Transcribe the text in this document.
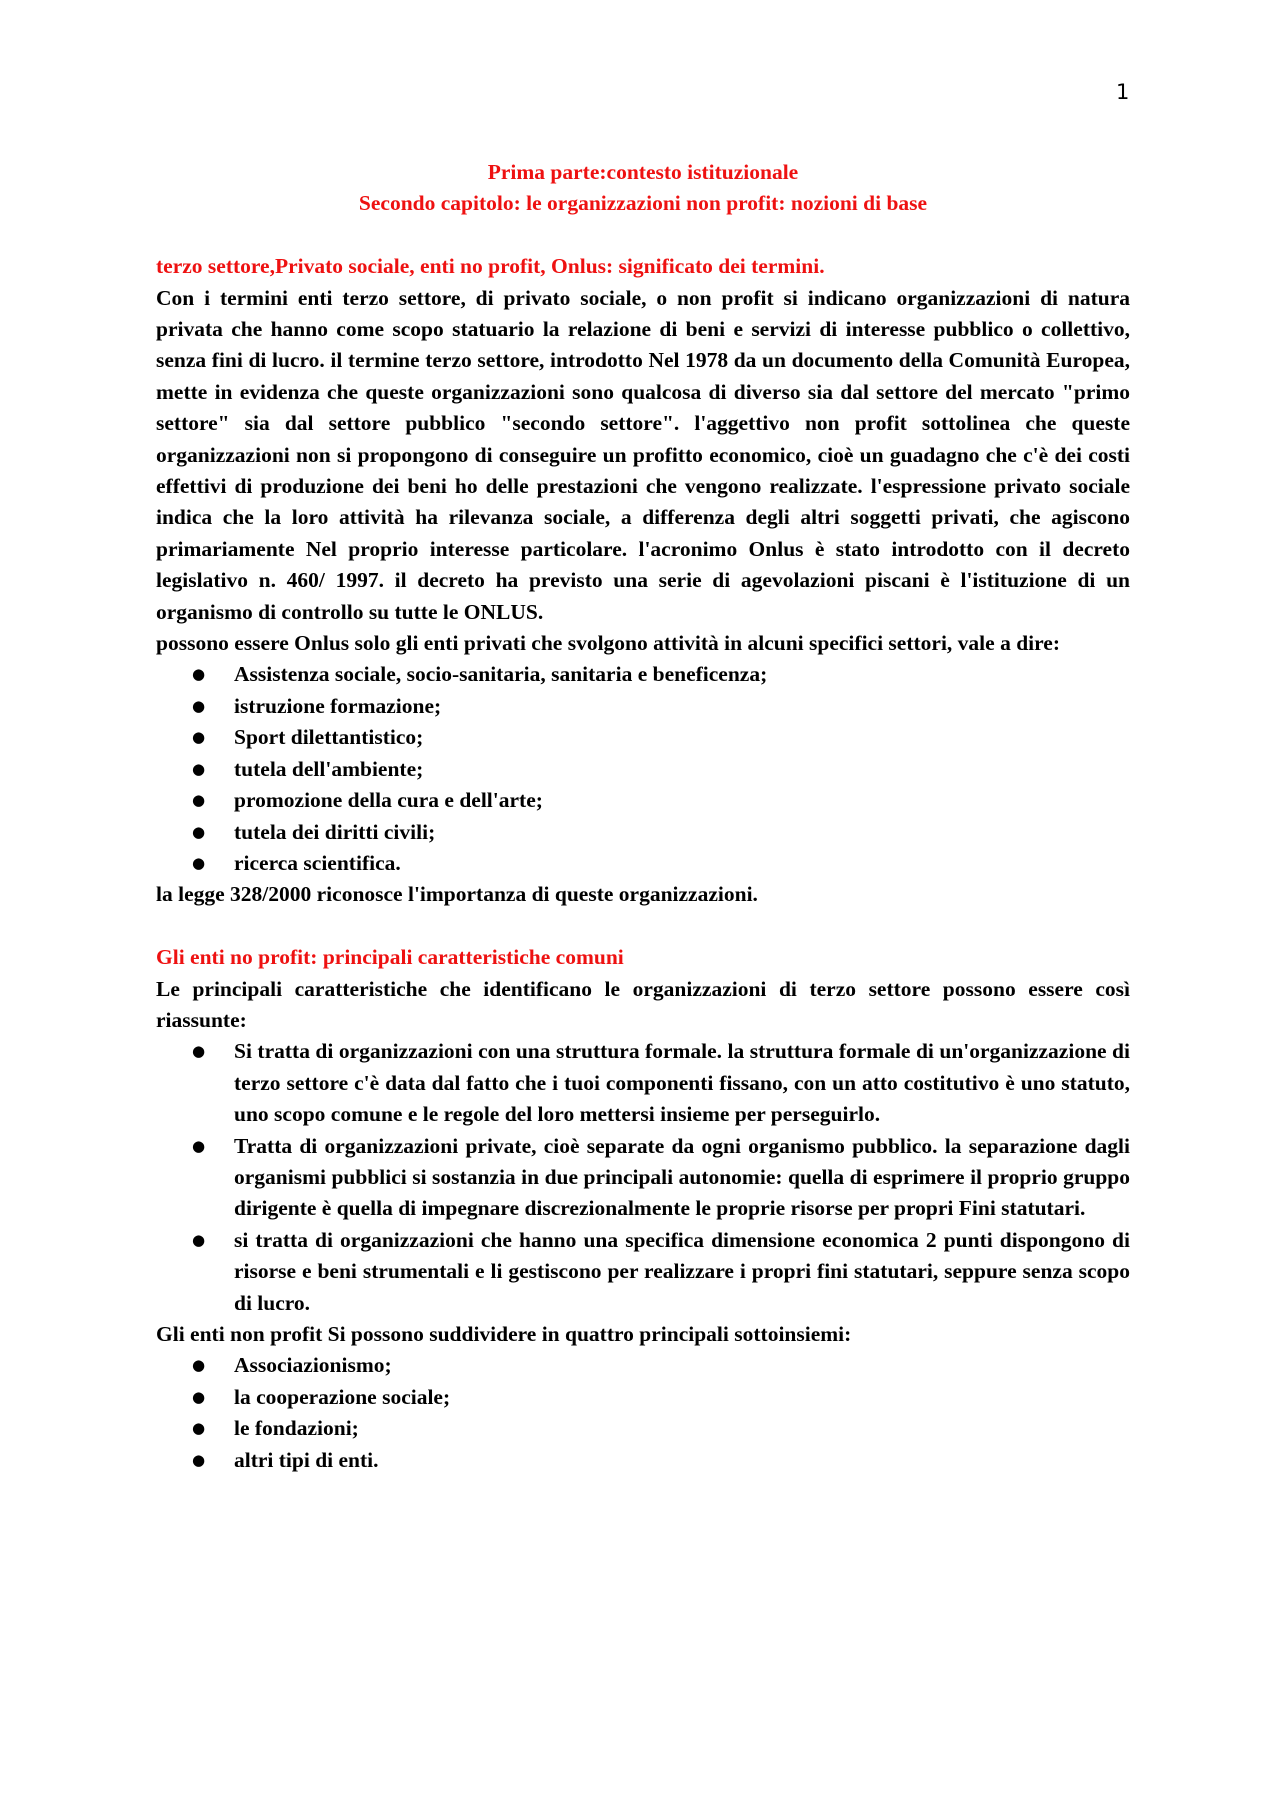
1
Prima parte:contesto istituzionale
Secondo capitolo: le organizzazioni non profit: nozioni di base
terzo settore,Privato sociale, enti no profit, Onlus: significato dei termini.

Con i termini enti terzo settore, di privato sociale, o non profit si indicano organizzazioni di natura privata che hanno come scopo statuario la relazione di beni e servizi di interesse pubblico o collettivo, senza fini di lucro. il termine terzo settore, introdotto Nel 1978 da un documento della Comunità Europea, mette in evidenza che queste organizzazioni sono qualcosa di diverso sia dal settore del mercato "primo settore" sia dal settore pubblico "secondo settore". l'aggettivo non profit sottolinea che queste organizzazioni non si propongono di conseguire un profitto economico, cioè un guadagno che c'è dei costi effettivi di produzione dei beni ho delle prestazioni che vengono realizzate. l'espressione privato sociale indica che la loro attività ha rilevanza sociale, a differenza degli altri soggetti privati, che agiscono primariamente Nel proprio interesse particolare. l'acronimo Onlus è stato introdotto con il decreto legislativo n. 460/ 1997. il decreto ha previsto una serie di agevolazioni piscani è l'istituzione di un organismo di controllo su tutte le ONLUS.

possono essere Onlus solo gli enti privati che svolgono attività in alcuni specifici settori, vale a dire:

● Assistenza sociale, socio-sanitaria, sanitaria e beneficenza;
● istruzione formazione;
● Sport dilettantistico;
● tutela dell'ambiente;
● promozione della cura e dell'arte;
● tutela dei diritti civili;
● ricerca scientifica.

la legge 328/2000 riconosce l'importanza di queste organizzazioni.

Gli enti no profit: principali caratteristiche comuni

Le principali caratteristiche che identificano le organizzazioni di terzo settore possono essere così riassunte:

● Si tratta di organizzazioni con una struttura formale. la struttura formale di un'organizzazione di terzo settore c'è data dal fatto che i tuoi componenti fissano, con un atto costitutivo è uno statuto, uno scopo comune e le regole del loro mettersi insieme per perseguirlo.
● Tratta di organizzazioni private, cioè separate da ogni organismo pubblico. la separazione dagli organismi pubblici si sostanzia in due principali autonomie: quella di esprimere il proprio gruppo dirigente è quella di impegnare discrezionalmente le proprie risorse per propri Fini statutari.
● si tratta di organizzazioni che hanno una specifica dimensione economica 2 punti dispongono di risorse e beni strumentali e li gestiscono per realizzare i propri fini statutari, seppure senza scopo di lucro.

Gli enti non profit Si possono suddividere in quattro principali sottoinsiemi:

● Associazionismo;
● la cooperazione sociale;
● le fondazioni;
● altri tipi di enti.
